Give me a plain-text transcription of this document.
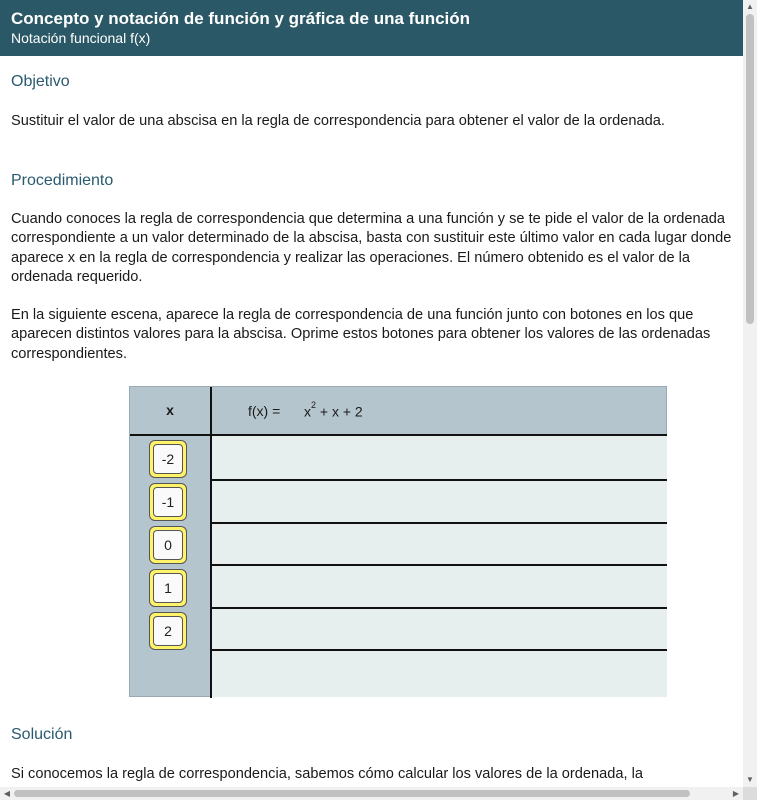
Concepto y notación de función y gráfica de una función
Notación funcional f(x)
Objetivo
Sustituir el valor de una abscisa en la regla de correspondencia para obtener el valor de la ordenada.
Procedimiento
Cuando conoces la regla de correspondencia que determina a una función y se te pide el valor de la ordenada correspondiente a un valor determinado de la abscisa, basta con sustituir este último valor en cada lugar donde aparece x en la regla de correspondencia y realizar las operaciones. El número obtenido es el valor de la ordenada requerido.
En la siguiente escena, aparece la regla de correspondencia de una función junto con botones en los que aparecen distintos valores para la abscisa. Oprime estos botones para obtener los valores de las ordenadas correspondientes.
x	$f(x) = x^2 + x + 2$
-2
-1
0
1
2
Solución
Si conocemos la regla de correspondencia, sabemos cómo calcular los valores de la ordenada, la
▲
▼
◀	▶
